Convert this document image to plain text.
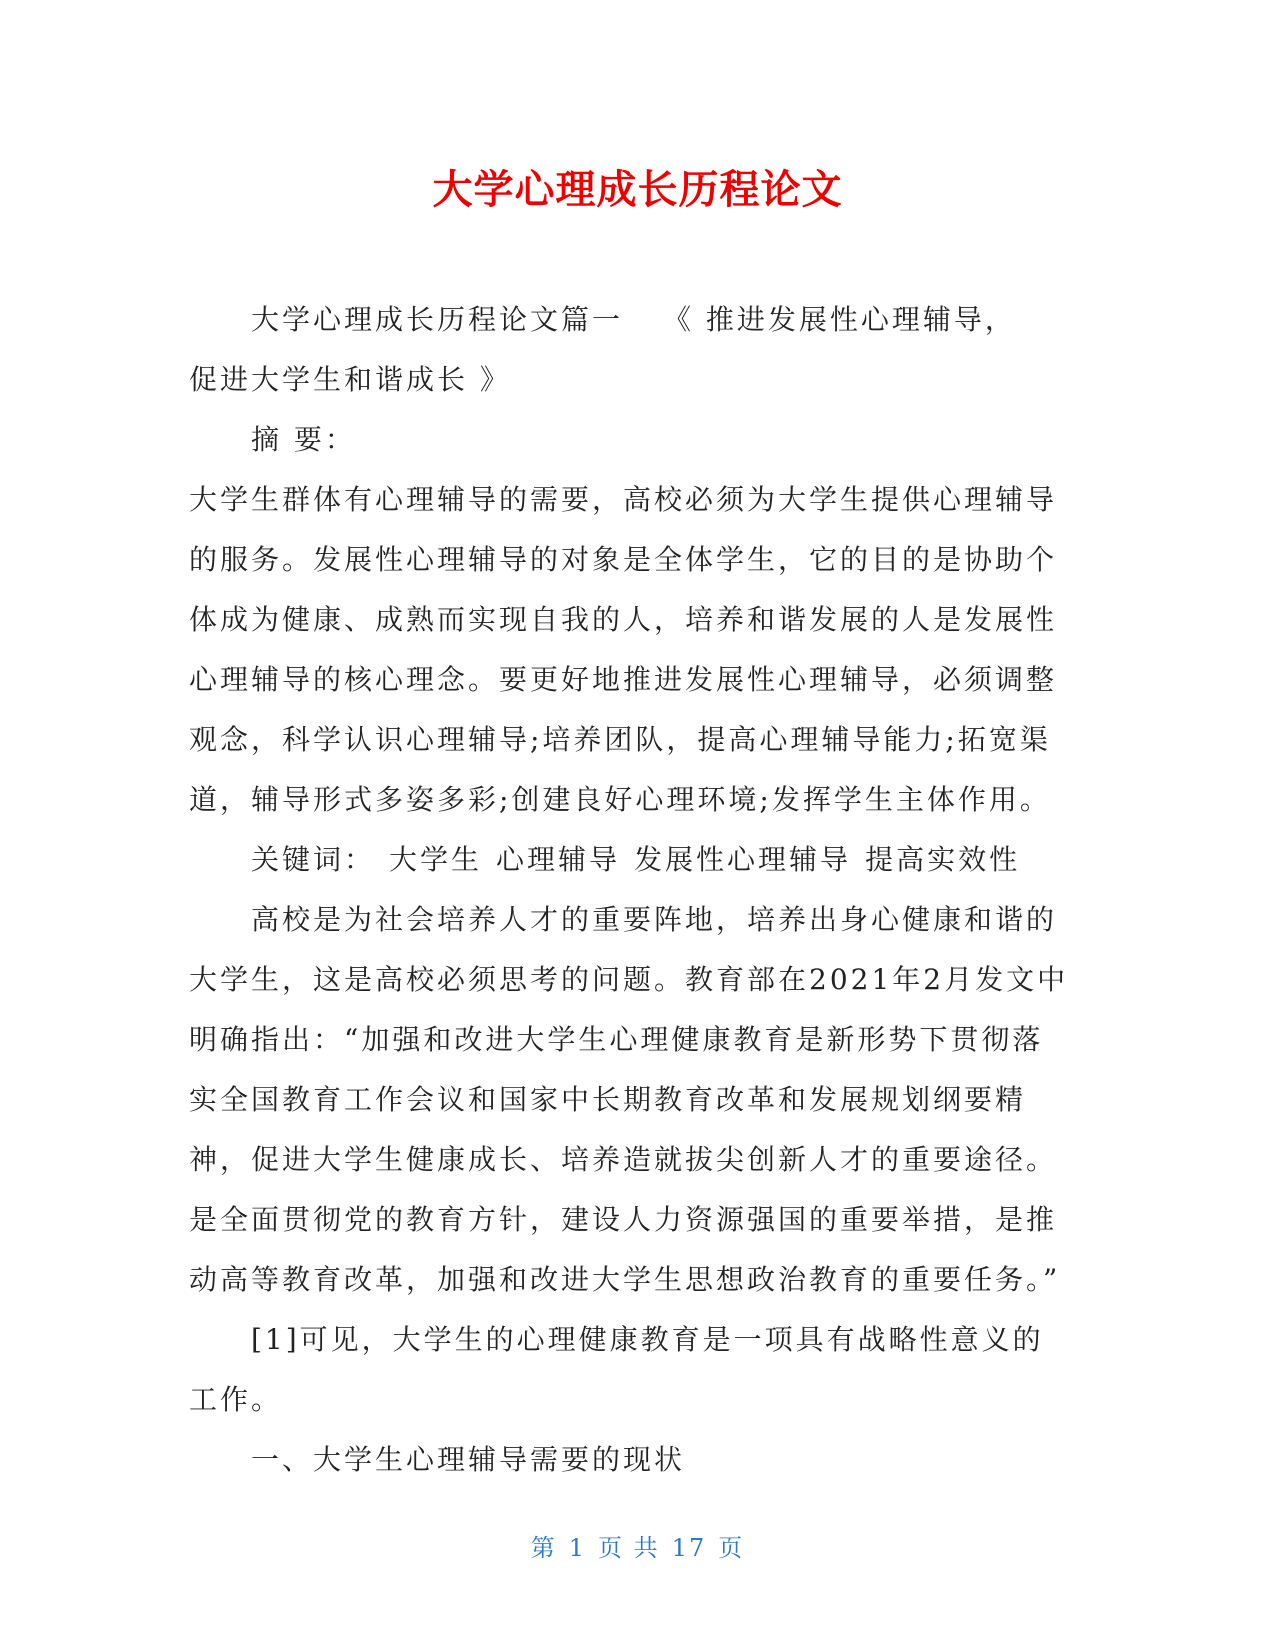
大学心理成长历程论文

大学心理成长历程论文篇一 《 推进发展性心理辅导，

促进大学生和谐成长 》

摘 要：

大学生群体有心理辅导的需要，高校必须为大学生提供心理辅导的服务。发展性心理辅导的对象是全体学生，它的目的是协助个体成为健康、成熟而实现自我的人，培养和谐发展的人是发展性心理辅导的核心理念。要更好地推进发展性心理辅导，必须调整观念，科学认识心理辅导;培养团队，提高心理辅导能力;拓宽渠道，辅导形式多姿多彩;创建良好心理环境;发挥学生主体作用。

关键词： 大学生 心理辅导 发展性心理辅导 提高实效性

高校是为社会培养人才的重要阵地，培养出身心健康和谐的大学生，这是高校必须思考的问题。教育部在2021年2月发文中明确指出：“加强和改进大学生心理健康教育是新形势下贯彻落实全国教育工作会议和国家中长期教育改革和发展规划纲要精神，促进大学生健康成长、培养造就拔尖创新人才的重要途径。是全面贯彻党的教育方针，建设人力资源强国的重要举措，是推动高等教育改革，加强和改进大学生思想政治教育的重要任务。”

[1]可见，大学生的心理健康教育是一项具有战略性意义的工作。

一、大学生心理辅导需要的现状

第 1 页 共 17 页
